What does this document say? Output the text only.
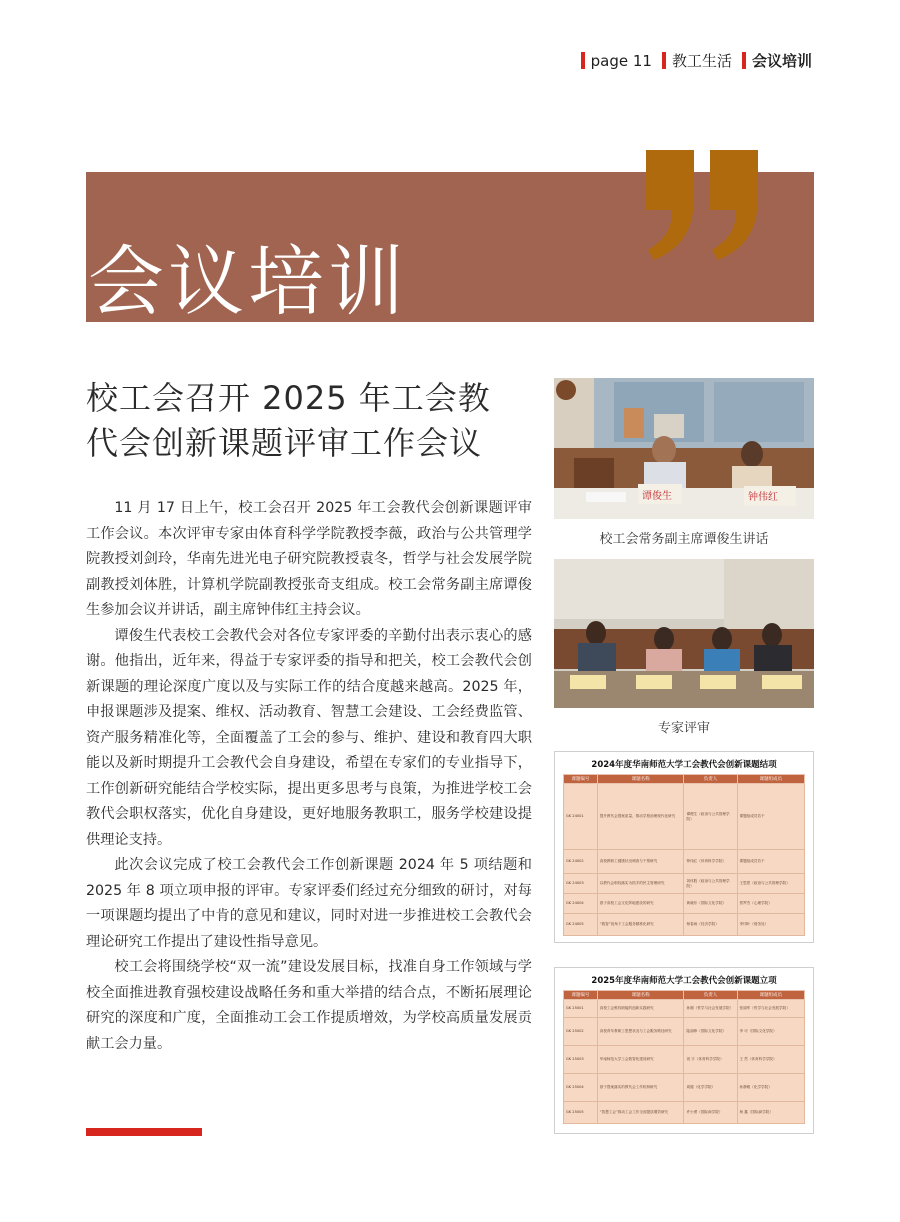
page 11 教工生活 会议培训
会议培训
校工会召开 2025 年工会教
代会创新课题评审工作会议

11 月 17 日上午，校工会召开 2025 年工会教代会创新课题评审工作会议。本次评审专家由体育科学学院教授李薇，政治与公共管理学院教授刘剑玲，华南先进光电子研究院教授袁冬，哲学与社会发展学院副教授刘体胜，计算机学院副教授张奇支组成。校工会常务副主席谭俊生参加会议并讲话，副主席钟伟红主持会议。

谭俊生代表校工会教代会对各位专家评委的辛勤付出表示衷心的感谢。他指出，近年来，得益于专家评委的指导和把关，校工会教代会创新课题的理论深度广度以及与实际工作的结合度越来越高。2025 年，申报课题涉及提案、维权、活动教育、智慧工会建设、工会经费监管、资产服务精准化等，全面覆盖了工会的参与、维护、建设和教育四大职能以及新时期提升工会教代会自身建设，希望在专家们的专业指导下，工作创新研究能结合学校实际，提出更多思考与良策，为推进学校工会教代会职权落实，优化自身建设，更好地服务教职工，服务学校建设提供理论支持。

此次会议完成了校工会教代会工作创新课题 2024 年 5 项结题和 2025 年 8 项立项申报的评审。专家评委们经过充分细致的研讨，对每一项课题均提出了中肯的意见和建议，同时对进一步推进校工会教代会理论研究工作提出了建设性指导意见。

校工会将围绕学校“双一流”建设发展目标，找准自身工作领域与学校全面推进教育强校建设战略任务和重大举措的结合点，不断拓展理论研究的深度和广度，全面推动工会工作提质增效，为学校高质量发展贡献工会力量。

谭俊生	钟伟红
校工会常务副主席谭俊生讲话
专家评审
2024年度华南师范大学工会教代会创新课题结项
课题编号	课题名称	负责人	课题组成员
GK 24001	提升教代会提案质量，推动学校治理现代化研究	谭俊生（政治与公共管理学院）	课题组成员若干
GK 24002	高校教职工健康状况调查与干预研究	钟伟红（体育科学学院）	课题组成员若干
GK 24003	以教代会职权落实为抓手的民主管理研究	刘体胜（政治与公共管理学院）	王思思（政治与公共管理学院）
GK 24004	基于高校工会文化阵地建设的研究	黄晓东（国际文化学院）	蔡罗杰（心理学院）
GK 24005	“数智”视角下工会服务精准化研究	杨春雨（经济学院）	李冈叶（财务处）
2025年度华南师范大学工会教代会创新课题立项
课题编号	课题名称	负责人	课题组成员
GK 25001	高校工会维权职能的创新实践研究	孙刚（哲学与社会发展学院）	张丽军（哲学与社会发展学院）
GK 25002	高校青年教职工思想状况与工会服务路径研究	陆丽珍（国际文化学院）	李 可（国际文化学院）
GK 25003	华南师范大学工会数智化建设研究	祝 宇（体育科学学院）	王 然（体育科学学院）
GK 25004	基于提案落实的教代会工作机制研究	周健（化学学院）	孙静雅（化学学院）
GK 25005	“智慧工会”推动工会工作全面提质增效研究	许小勇（国际商学院）	杨 鑫（国际商学院）
